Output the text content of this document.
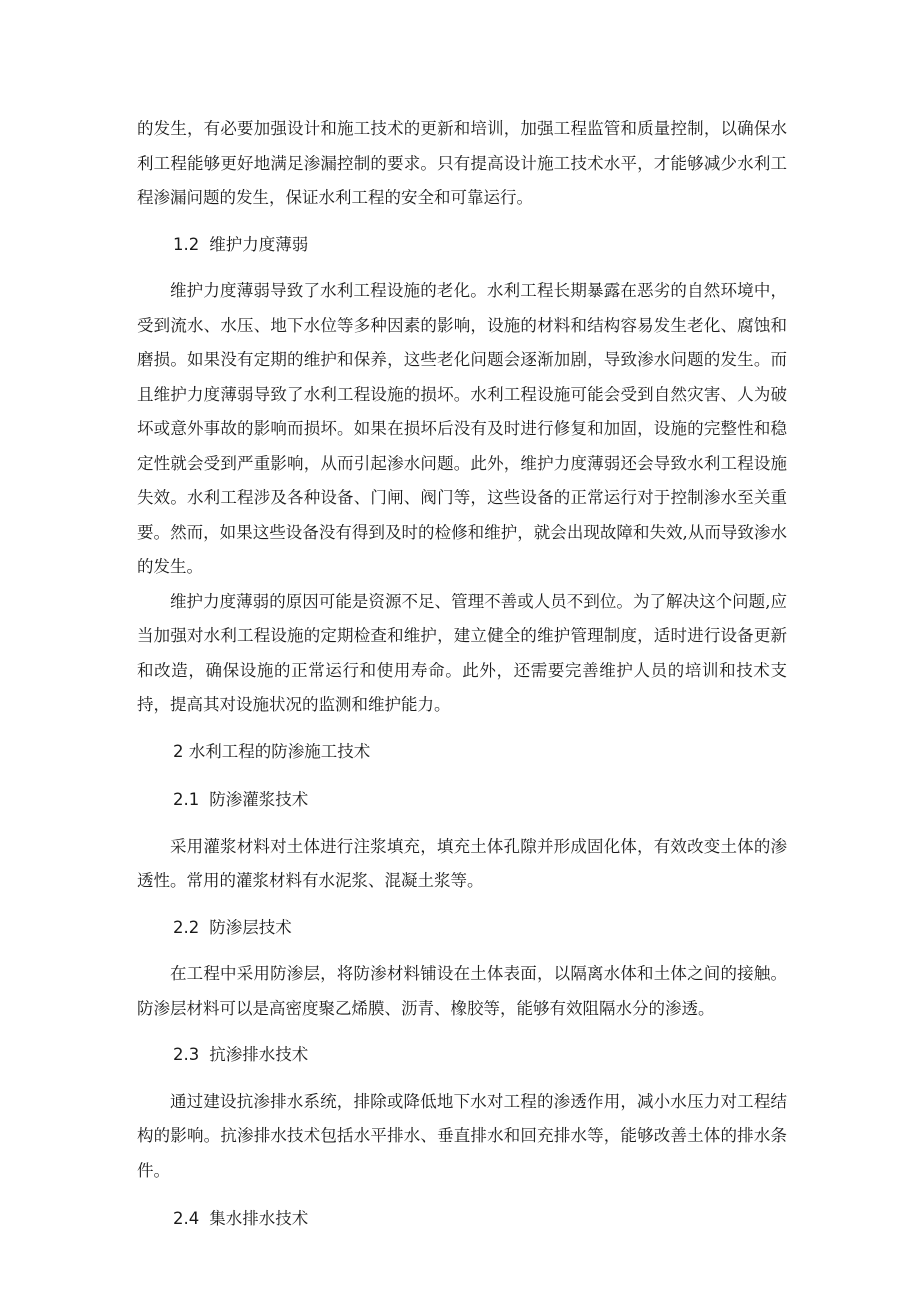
的发生，有必要加强设计和施工技术的更新和培训，加强工程监管和质量控制，以确保水利工程能够更好地满足渗漏控制的要求。只有提高设计施工技术水平，才能够减少水利工程渗漏问题的发生，保证水利工程的安全和可靠运行。

1.2 维护力度薄弱

维护力度薄弱导致了水利工程设施的老化。水利工程长期暴露在恶劣的自然环境中，受到流水、水压、地下水位等多种因素的影响，设施的材料和结构容易发生老化、腐蚀和磨损。如果没有定期的维护和保养，这些老化问题会逐渐加剧，导致渗水问题的发生。而且维护力度薄弱导致了水利工程设施的损坏。水利工程设施可能会受到自然灾害、人为破坏或意外事故的影响而损坏。如果在损坏后没有及时进行修复和加固，设施的完整性和稳定性就会受到严重影响，从而引起渗水问题。此外，维护力度薄弱还会导致水利工程设施失效。水利工程涉及各种设备、门闸、阀门等，这些设备的正常运行对于控制渗水至关重要。然而，如果这些设备没有得到及时的检修和维护，就会出现故障和失效,从而导致渗水的发生。

维护力度薄弱的原因可能是资源不足、管理不善或人员不到位。为了解决这个问题,应当加强对水利工程设施的定期检查和维护，建立健全的维护管理制度，适时进行设备更新和改造，确保设施的正常运行和使用寿命。此外，还需要完善维护人员的培训和技术支持，提高其对设施状况的监测和维护能力。

2 水利工程的防渗施工技术

2.1 防渗灌浆技术

采用灌浆材料对土体进行注浆填充，填充土体孔隙并形成固化体，有效改变土体的渗透性。常用的灌浆材料有水泥浆、混凝土浆等。

2.2 防渗层技术

在工程中采用防渗层，将防渗材料铺设在土体表面，以隔离水体和土体之间的接触。防渗层材料可以是高密度聚乙烯膜、沥青、橡胶等，能够有效阻隔水分的渗透。

2.3 抗渗排水技术

通过建设抗渗排水系统，排除或降低地下水对工程的渗透作用，减小水压力对工程结构的影响。抗渗排水技术包括水平排水、垂直排水和回充排水等，能够改善土体的排水条件。

2.4 集水排水技术
